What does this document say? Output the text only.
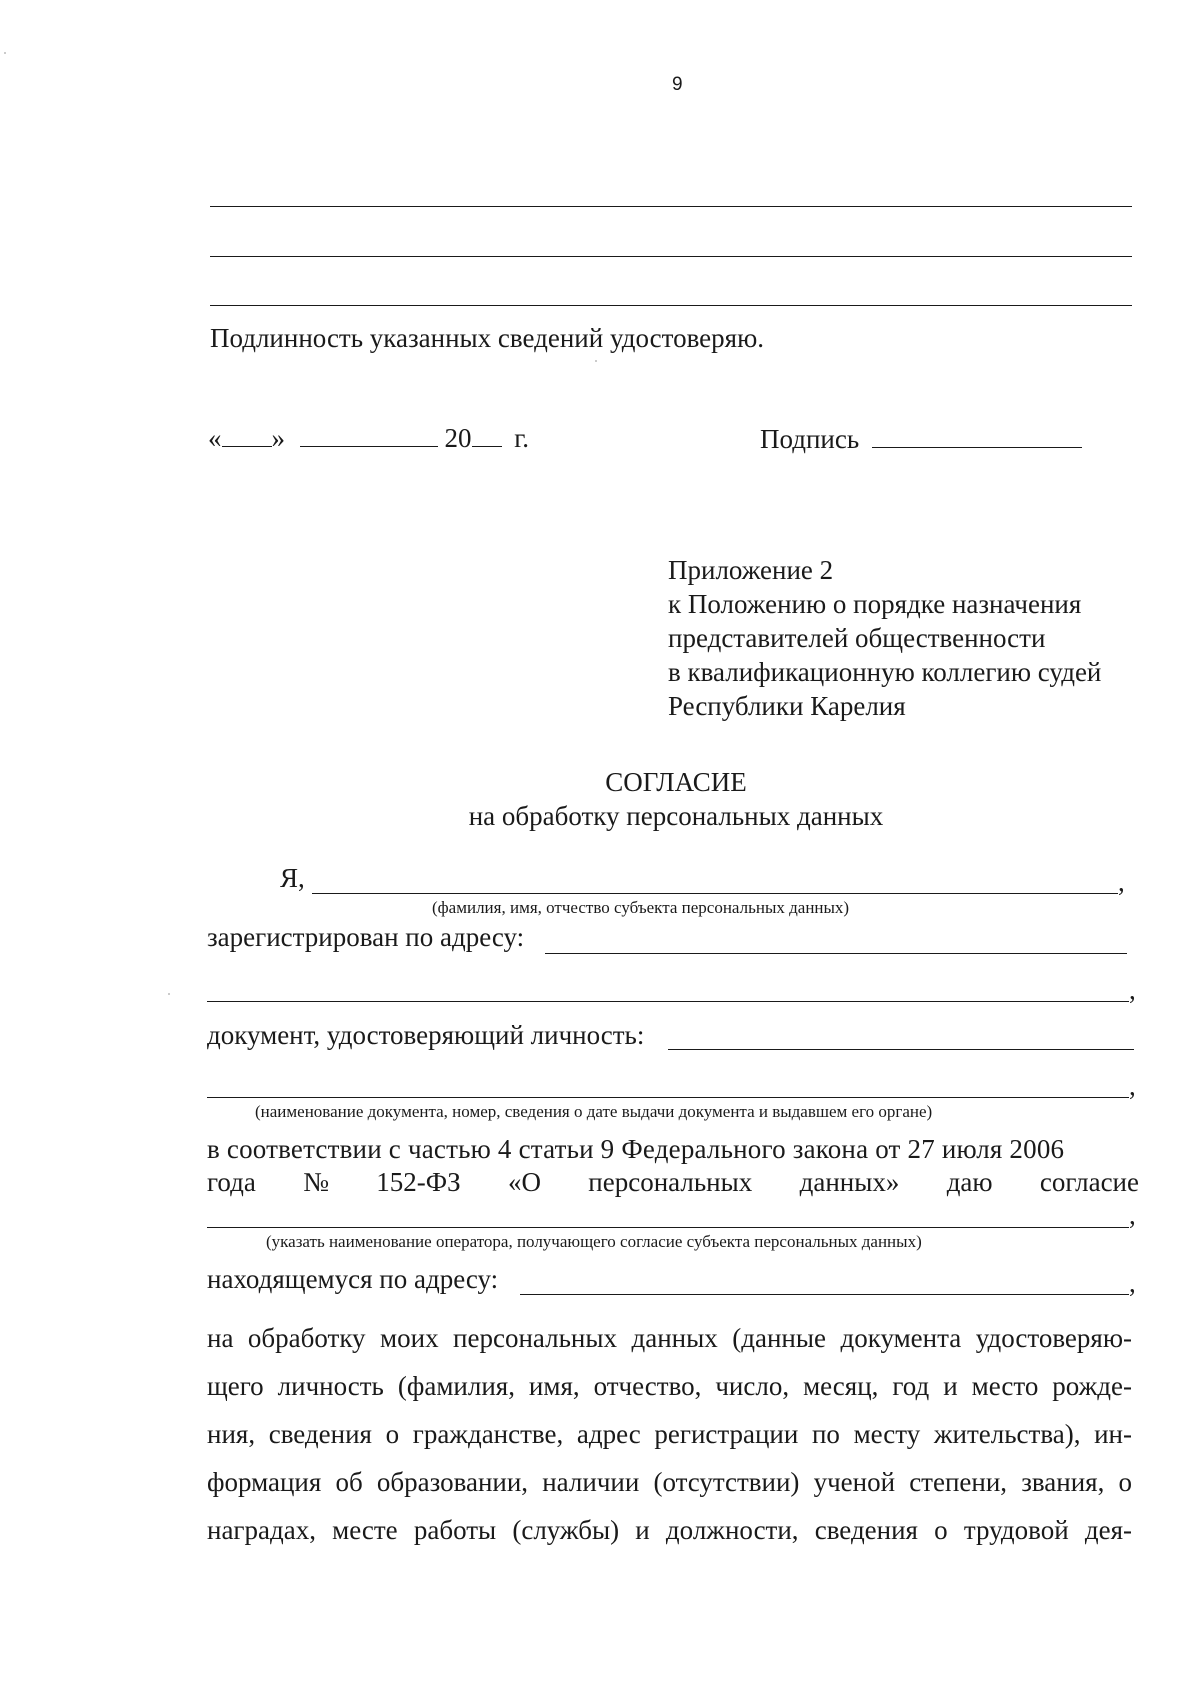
9
Подлинность указанных сведений удостоверяю.
« »	20 г.	Подпись
Приложение 2
к Положению о порядке назначения
представителей общественности
в квалификационную коллегию судей
Республики Карелия
СОГЛАСИЕ
на обработку персональных данных
Я,	,
(фамилия, имя, отчество субъекта персональных данных)
зарегистрирован по адресу:
,
документ, удостоверяющий личность:
,
(наименование документа, номер, сведения о дате выдачи документа и выдавшем его органе)
в соответствии с частью 4 статьи 9 Федерального закона от 27 июля 2006
года № 152-ФЗ «О персональных данных» даю согласие
,
(указать наименование оператора, получающего согласие субъекта персональных данных)
находящемуся по адресу:	,
на обработку моих персональных данных (данные документа удостоверяю-
щего личность (фамилия, имя, отчество, число, месяц, год и место рожде-
ния, сведения о гражданстве, адрес регистрации по месту жительства), ин-
формация об образовании, наличии (отсутствии) ученой степени, звания, о
наградах, месте работы (службы) и должности, сведения о трудовой дея-
